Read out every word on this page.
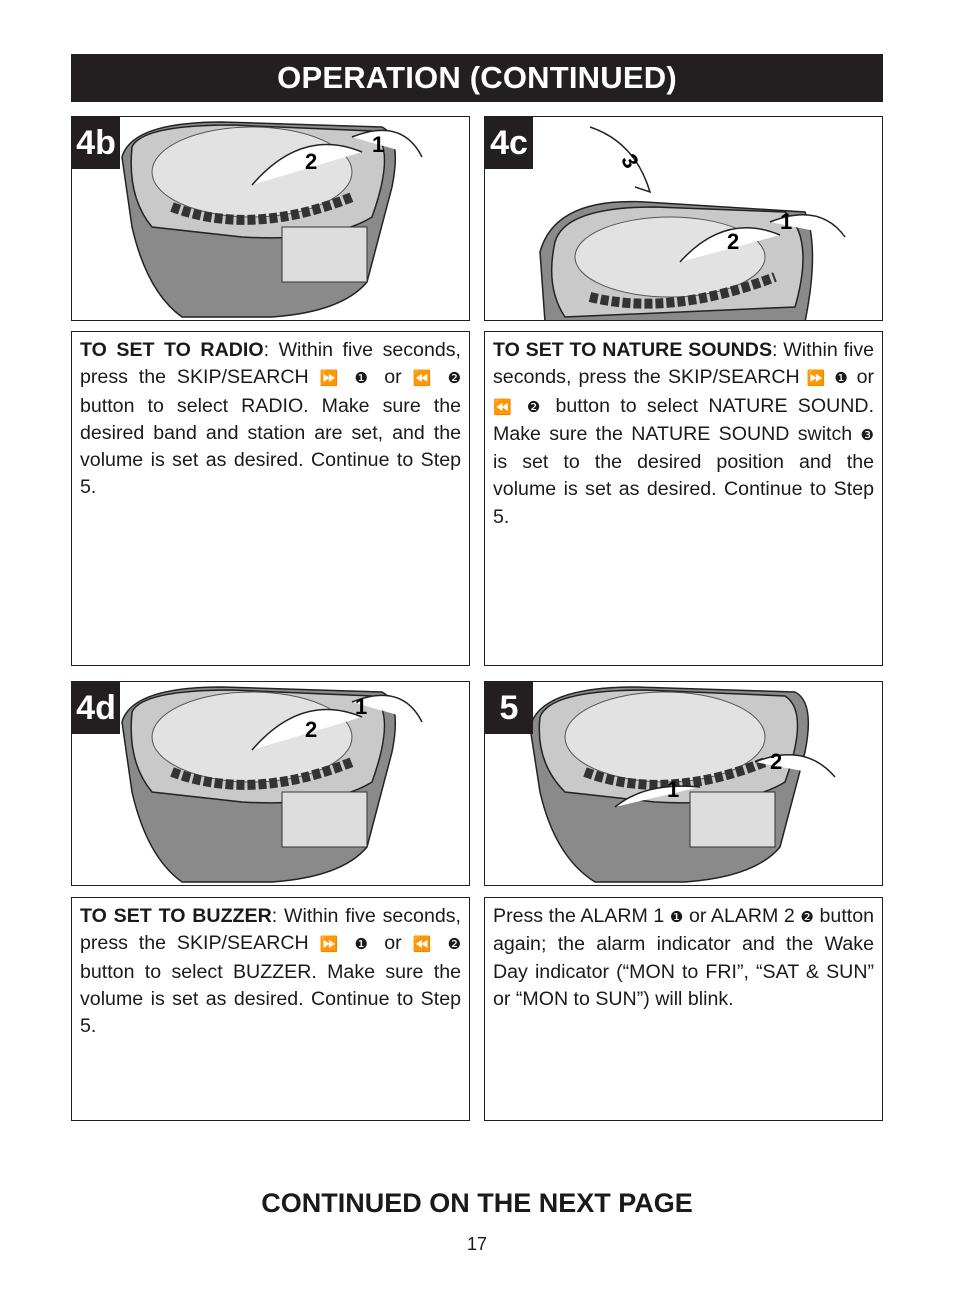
OPERATION (CONTINUED)
1
2
4b
1
2
3
4c
TO SET TO RADIO: Within five seconds, press the SKIP/SEARCH ⏩ ❶ or ⏪ ❷ button to select RADIO. Make sure the desired band and station are set, and the volume is set as desired. Continue to Step 5.
TO SET TO NATURE SOUNDS: Within five seconds, press the SKIP/SEARCH ⏩ ❶ or ⏪ ❷ button to select NATURE SOUND. Make sure the NATURE SOUND switch ❸ is set to the desired position and the volume is set as desired. Continue to Step 5.
1
2
4d
1
2
5
TO SET TO BUZZER: Within five seconds, press the SKIP/SEARCH ⏩ ❶ or ⏪ ❷ button to select BUZZER. Make sure the volume is set as desired. Continue to Step 5.
Press the ALARM 1 ❶ or ALARM 2 ❷ button again; the alarm indicator and the Wake Day indicator (“MON to FRI”, “SAT & SUN” or “MON to SUN”) will blink.
CONTINUED ON THE NEXT PAGE
17
